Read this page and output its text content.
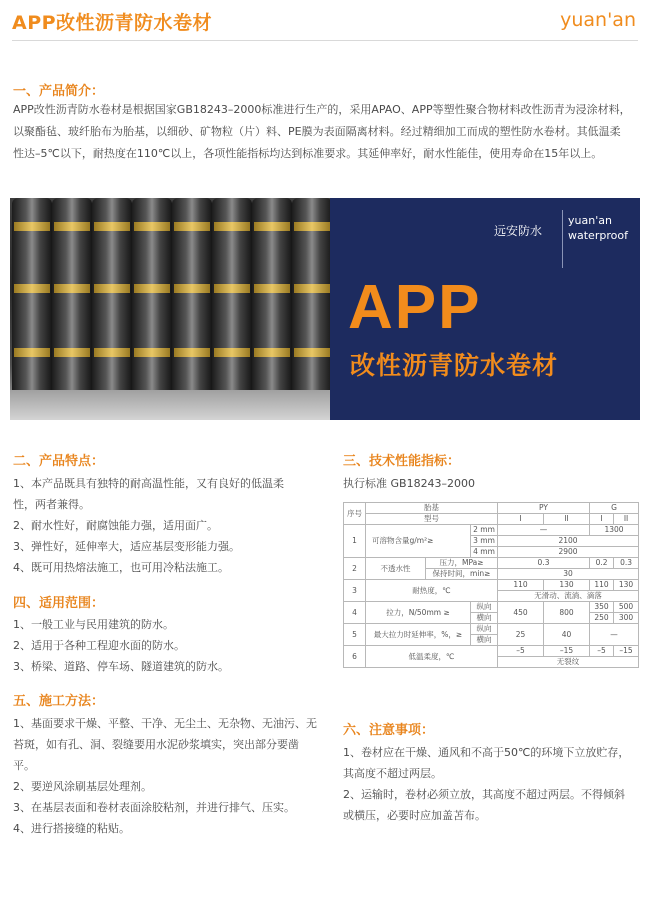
APP改性沥青防水卷材	yuan'an
一、产品简介：
APP改性沥青防水卷材是根据国家GB18243–2000标准进行生产的，采用APAO、APP等塑性聚合物材料改性沥青为浸涂材料，
以聚酯毡、玻纤胎布为胎基，以细砂、矿物粒（片）料、PE膜为表面隔离材料。经过精细加工而成的塑性防水卷材。其低温柔
性达–5℃以下，耐热度在110℃以上，各项性能指标均达到标准要求。其延伸率好，耐水性能佳，使用寿命在15年以上。
远安防水
yuan'an
waterproof
APP
改性沥青防水卷材
二、产品特点：
1、本产品既具有独特的耐高温性能，又有良好的低温柔
性，两者兼得。
2、耐水性好，耐腐蚀能力强，适用面广。
3、弹性好，延伸率大，适应基层变形能力强。
4、既可用热熔法施工，也可用冷粘法施工。
四、适用范围：
1、一般工业与民用建筑的防水。
2、适用于各种工程迎水面的防水。
3、桥梁、道路、停车场、隧道建筑的防水。
五、施工方法：
1、基面要求干燥、平整、干净、无尘土、无杂物、无油污、无
苔斑，如有孔、洞、裂缝要用水泥砂浆填实，突出部分要凿
平。
2、要逆风涂刷基层处理剂。
3、在基层表面和卷材表面涂胶粘剂，并进行排气、压实。
4、进行搭接缝的粘贴。
三、技术性能指标：
执行标准 GB18243–2000
序号	胎基			PY		G	
	型号			I	II	I	II
1	可溶物含量g/m²≥		2 mm	—		1300	
			3 mm	2100			
			4 mm	2900			
2	不透水性	压力，MPa≥		0.3		0.2	0.3
		保持时间，min≥		30			
3	耐热度，℃			110	130	110	130
				无滑动、流淌、滴落			
4	拉力，N/50mm ≥		纵向	450	800	350	500
			横向			250	300
5	最大拉力时延伸率，%，≥		纵向	25	40	—	
			横向				
6	低温柔度，℃			–5	–15	–5	–15
				无裂纹			
六、注意事项：
1、卷材应在干燥、通风和不高于50℃的环境下立放贮存，
其高度不超过两层。
2、运输时，卷材必须立放，其高度不超过两层。不得倾斜
或横压，必要时应加盖苫布。
